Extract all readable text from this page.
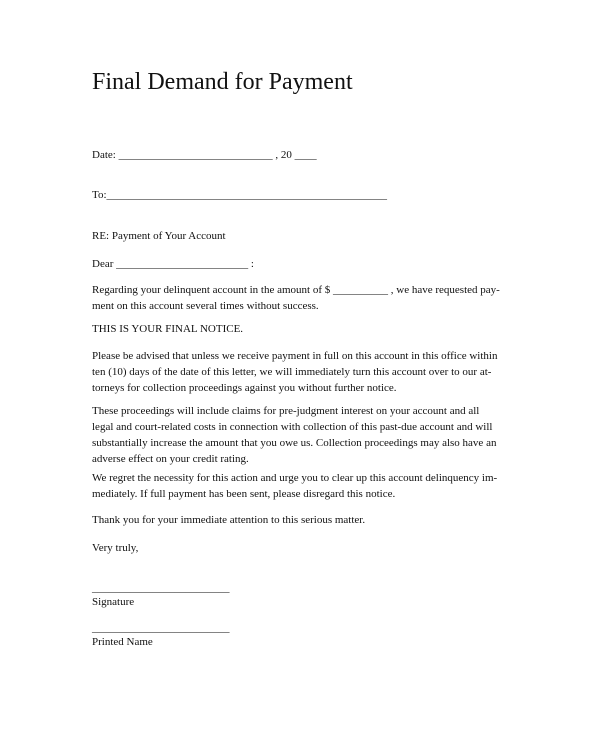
Final Demand for Payment
Date: ____________________________ , 20 ____
To:___________________________________________________
RE: Payment of Your Account
Dear ________________________ :
Regarding your delinquent account in the amount of $ __________ , we have requested pay-
ment on this account several times without success.
THIS IS YOUR FINAL NOTICE.
Please be advised that unless we receive payment in full on this account in this office within
ten (10) days of the date of this letter, we will immediately turn this account over to our at-
torneys for collection proceedings against you without further notice.
These proceedings will include claims for pre-judgment interest on your account and all
legal and court-related costs in connection with collection of this past-due account and will
substantially increase the amount that you owe us. Collection proceedings may also have an
adverse effect on your credit rating.
We regret the necessity for this action and urge you to clear up this account delinquency im-
mediately. If full payment has been sent, please disregard this notice.
Thank you for your immediate attention to this serious matter.
Very truly,
_________________________
Signature
_________________________
Printed Name
